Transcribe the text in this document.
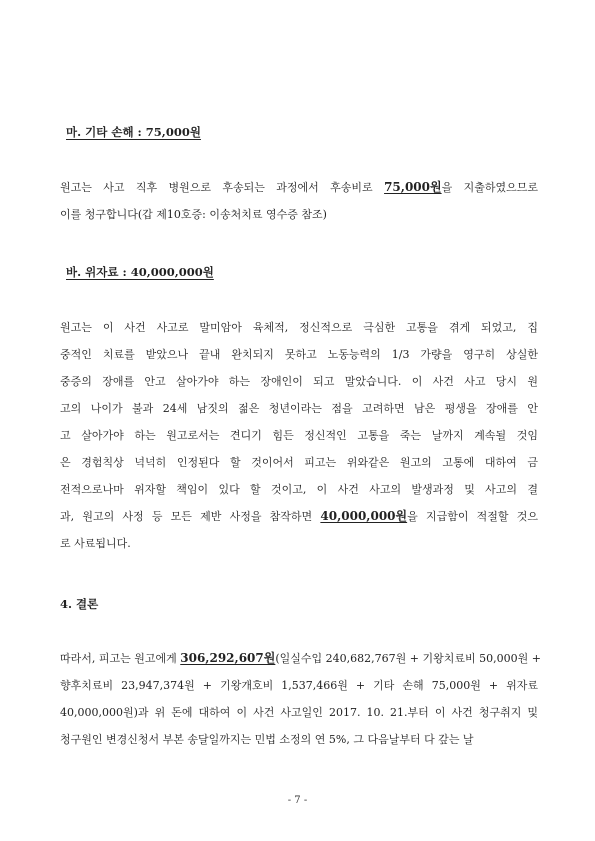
마. 기타 손해 : 75,000원
원고는 사고 직후 병원으로 후송되는 과정에서 후송비로 75,000원을 지출하였으므로
이를 청구합니다(갑 제10호증: 이송처치료 영수증 참조)
바. 위자료 : 40,000,000원
원고는 이 사건 사고로 말미암아 육체적, 정신적으로 극심한 고통을 겪게 되었고, 집
중적인 치료를 받았으나 끝내 완치되지 못하고 노동능력의 1/3 가량을 영구히 상실한
중증의 장애를 안고 살아가야 하는 장애인이 되고 말았습니다. 이 사건 사고 당시 원
고의 나이가 불과 24세 남짓의 젊은 청년이라는 점을 고려하면 남은 평생을 장애를 안
고 살아가야 하는 원고로서는 견디기 힘든 정신적인 고통을 죽는 날까지 계속될 것임
은 경험칙상 넉넉히 인정된다 할 것이어서 피고는 위와같은 원고의 고통에 대하여 금
전적으로나마 위자할 책임이 있다 할 것이고, 이 사건 사고의 발생과정 및 사고의 결
과, 원고의 사정 등 모든 제반 사정을 참작하면 40,000,000원을 지급함이 적절할 것으
로 사료됩니다.
4. 결론
따라서, 피고는 원고에게 306,292,607원(일실수입 240,682,767원 + 기왕치료비 50,000원 +
향후치료비 23,947,374원 + 기왕개호비 1,537,466원 + 기타 손해 75,000원 + 위자료
40,000,000원)과 위 돈에 대하여 이 사건 사고일인 2017. 10. 21.부터 이 사건 청구취지 및
청구원인 변경신청서 부본 송달일까지는 민법 소정의 연 5%, 그 다음날부터 다 갚는 날
- 7 -
